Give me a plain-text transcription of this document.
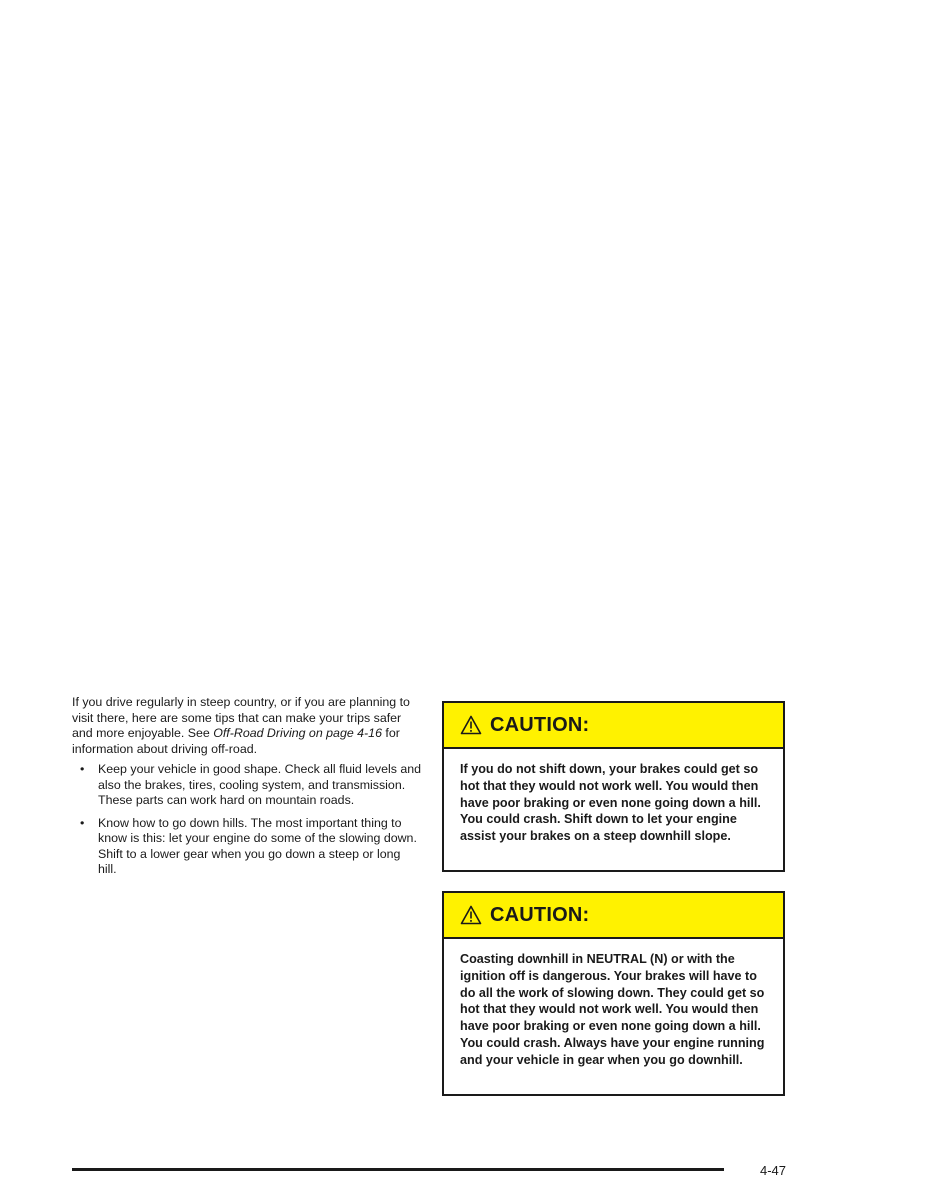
If you drive regularly in steep country, or if you are planning to visit there, here are some tips that can make your trips safer and more enjoyable. See Off-Road Driving on page 4-16 for information about driving off-road.

• Keep your vehicle in good shape. Check all fluid levels and also the brakes, tires, cooling system, and transmission. These parts can work hard on mountain roads.
• Know how to go down hills. The most important thing to know is this: let your engine do some of the slowing down. Shift to a lower gear when you go down a steep or long hill.
CAUTION:
If you do not shift down, your brakes could get so hot that they would not work well. You would then have poor braking or even none going down a hill. You could crash. Shift down to let your engine assist your brakes on a steep downhill slope.
CAUTION:
Coasting downhill in NEUTRAL (N) or with the ignition off is dangerous. Your brakes will have to do all the work of slowing down. They could get so hot that they would not work well. You would then have poor braking or even none going down a hill. You could crash. Always have your engine running and your vehicle in gear when you go downhill.
4-47
